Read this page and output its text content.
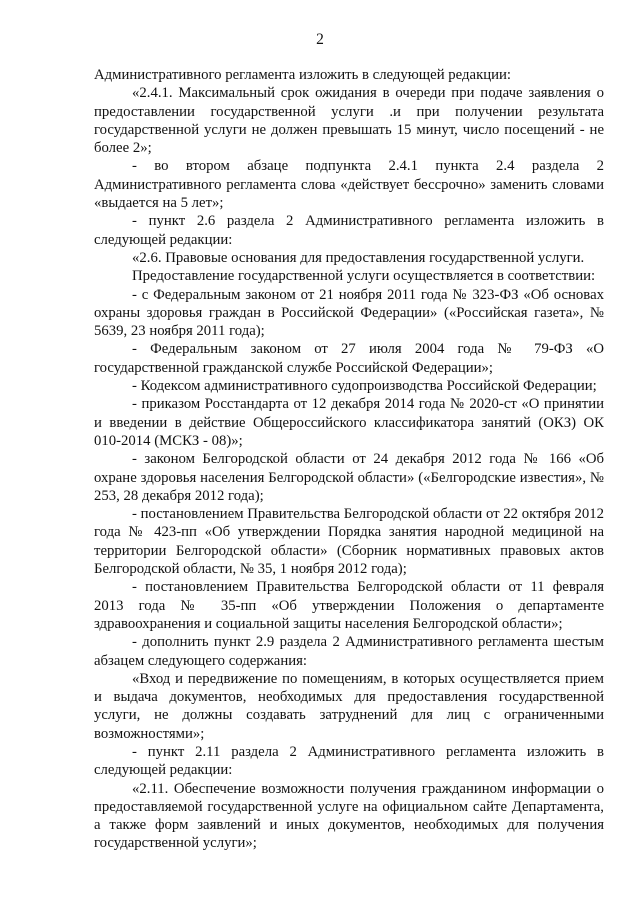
2

Административного регламента изложить в следующей редакции:

«2.4.1. Максимальный срок ожидания в очереди при подаче заявления о предоставлении государственной услуги .и при получении результата государственной услуги не должен превышать 15 минут, число посещений - не более 2»;

- во втором абзаце подпункта 2.4.1 пункта 2.4 раздела 2 Административного регламента слова «действует бессрочно» заменить словами «выдается на 5 лет»;

- пункт 2.6 раздела 2 Административного регламента изложить в следующей редакции:

«2.6. Правовые основания для предоставления государственной услуги.

Предоставление государственной услуги осуществляется в соответствии:

- с Федеральным законом от 21 ноября 2011 года № 323-ФЗ «Об основах охраны здоровья граждан в Российской Федерации» («Российская газета», № 5639, 23 ноября 2011 года);

- Федеральным законом от 27 июля 2004 года № 79-ФЗ «О государственной гражданской службе Российской Федерации»;

- Кодексом административного судопроизводства Российской Федерации;

- приказом Росстандарта от 12 декабря 2014 года № 2020-ст «О принятии и введении в действие Общероссийского классификатора занятий (ОКЗ) ОК 010-2014 (МСКЗ - 08)»;

- законом Белгородской области от 24 декабря 2012 года № 166 «Об охране здоровья населения Белгородской области» («Белгородские известия», № 253, 28 декабря 2012 года);

- постановлением Правительства Белгородской области от 22 октября 2012 года № 423-пп «Об утверждении Порядка занятия народной медициной на территории Белгородской области» (Сборник нормативных правовых актов Белгородской области, № 35, 1 ноября 2012 года);

- постановлением Правительства Белгородской области от 11 февраля 2013 года № 35-пп «Об утверждении Положения о департаменте здравоохранения и социальной защиты населения Белгородской области»;

- дополнить пункт 2.9 раздела 2 Административного регламента шестым абзацем следующего содержания:

«Вход и передвижение по помещениям, в которых осуществляется прием и выдача документов, необходимых для предоставления государственной услуги, не должны создавать затруднений для лиц с ограниченными возможностями»;

- пункт 2.11 раздела 2 Административного регламента изложить в следующей редакции:

«2.11. Обеспечение возможности получения гражданином информации о предоставляемой государственной услуге на официальном сайте Департамента, а также форм заявлений и иных документов, необходимых для получения государственной услуги»;
